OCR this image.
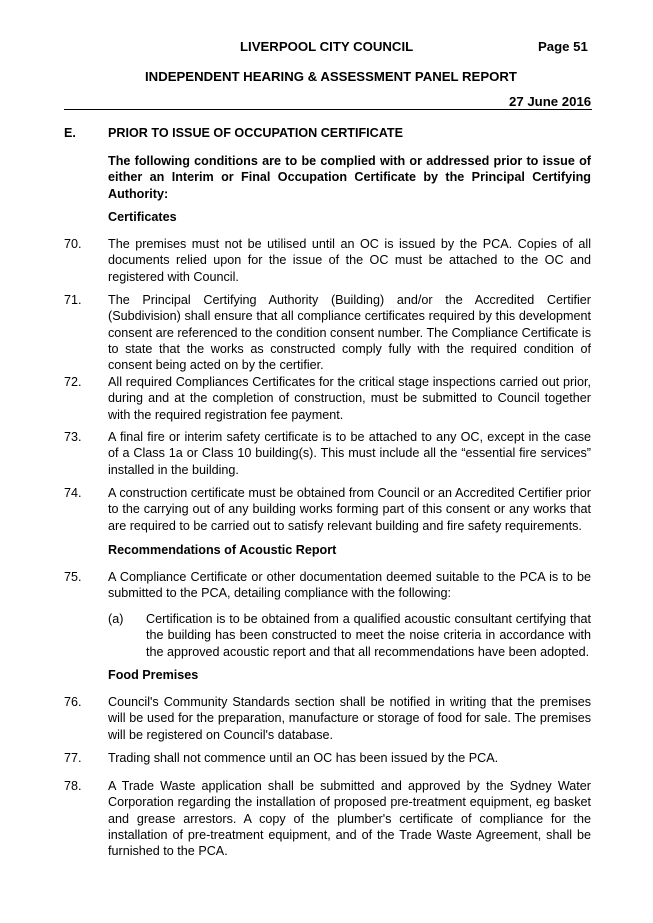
LIVERPOOL CITY COUNCIL	Page 51
INDEPENDENT HEARING & ASSESSMENT PANEL REPORT
27 June 2016
E.	PRIOR TO ISSUE OF OCCUPATION CERTIFICATE
The following conditions are to be complied with or addressed prior to issue of either an Interim or Final Occupation Certificate by the Principal Certifying Authority:
Certificates
70. The premises must not be utilised until an OC is issued by the PCA. Copies of all documents relied upon for the issue of the OC must be attached to the OC and registered with Council.
71. The Principal Certifying Authority (Building) and/or the Accredited Certifier (Subdivision) shall ensure that all compliance certificates required by this development consent are referenced to the condition consent number. The Compliance Certificate is to state that the works as constructed comply fully with the required condition of consent being acted on by the certifier.
72. All required Compliances Certificates for the critical stage inspections carried out prior, during and at the completion of construction, must be submitted to Council together with the required registration fee payment.
73. A final fire or interim safety certificate is to be attached to any OC, except in the case of a Class 1a or Class 10 building(s). This must include all the “essential fire services” installed in the building.
74. A construction certificate must be obtained from Council or an Accredited Certifier prior to the carrying out of any building works forming part of this consent or any works that are required to be carried out to satisfy relevant building and fire safety requirements.
Recommendations of Acoustic Report
75. A Compliance Certificate or other documentation deemed suitable to the PCA is to be submitted to the PCA, detailing compliance with the following:
(a) Certification is to be obtained from a qualified acoustic consultant certifying that the building has been constructed to meet the noise criteria in accordance with the approved acoustic report and that all recommendations have been adopted.
Food Premises
76. Council's Community Standards section shall be notified in writing that the premises will be used for the preparation, manufacture or storage of food for sale. The premises will be registered on Council's database.
77. Trading shall not commence until an OC has been issued by the PCA.
78. A Trade Waste application shall be submitted and approved by the Sydney Water Corporation regarding the installation of proposed pre-treatment equipment, eg basket and grease arrestors. A copy of the plumber's certificate of compliance for the installation of pre-treatment equipment, and of the Trade Waste Agreement, shall be furnished to the PCA.
